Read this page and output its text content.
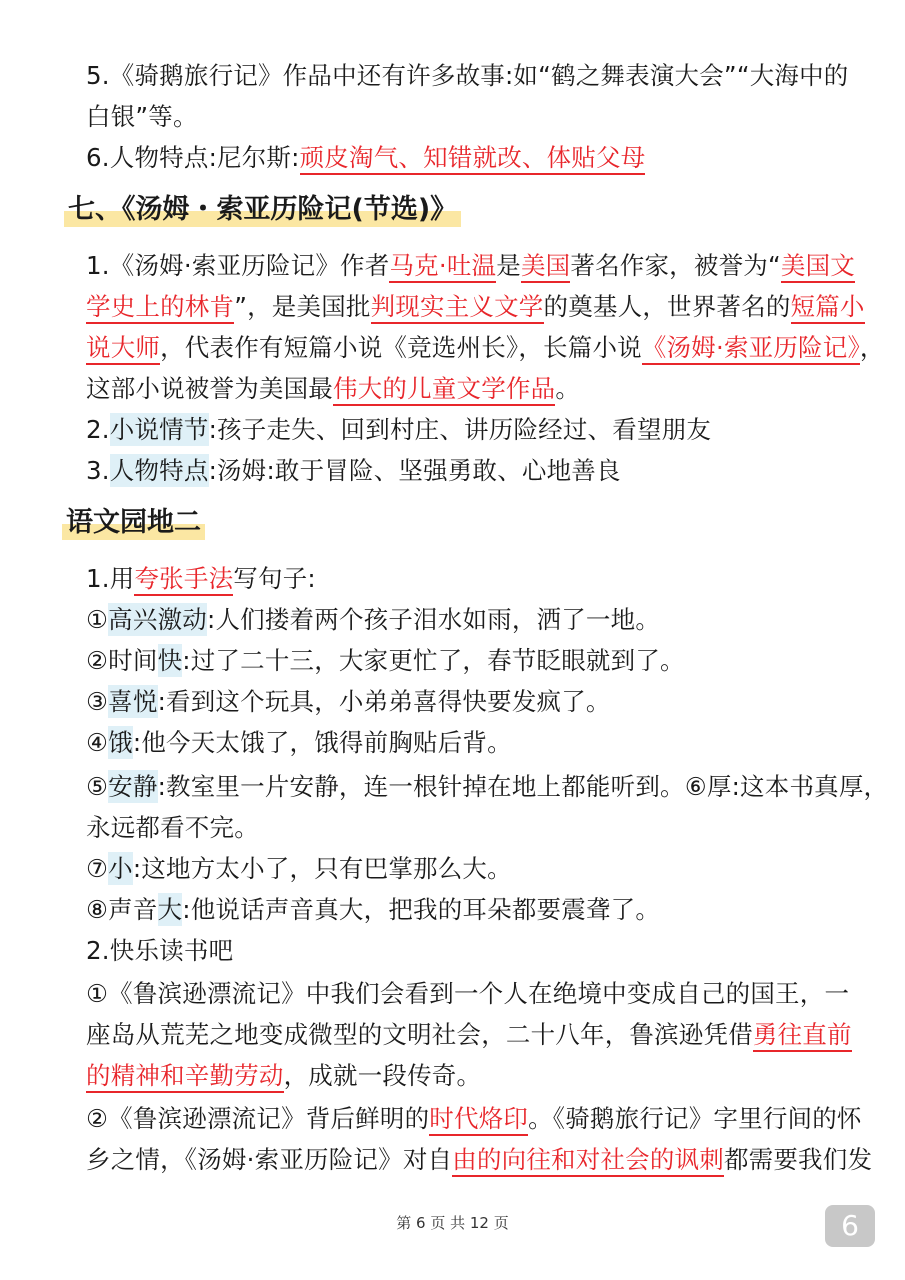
5.《骑鹅旅行记》作品中还有许多故事:如“鹤之舞表演大会”“大海中的
白银”等。
6.人物特点:尼尔斯:顽皮淘气、知错就改、体贴父母
七、《汤姆・索亚历险记(节选)》
1.《汤姆·索亚历险记》作者马克·吐温是美国著名作家，被誉为“美国文
学史上的林肯”，是美国批判现实主义文学的奠基人，世界著名的短篇小
说大师，代表作有短篇小说《竞选州长》，长篇小说《汤姆·索亚历险记》，
这部小说被誉为美国最伟大的儿童文学作品。
2.小说情节:孩子走失、回到村庄、讲历险经过、看望朋友
3.人物特点:汤姆:敢于冒险、坚强勇敢、心地善良
语文园地二
1.用夸张手法写句子:
①高兴激动:人们搂着两个孩子泪水如雨，洒了一地。
②时间快:过了二十三，大家更忙了，春节眨眼就到了。
③喜悦:看到这个玩具，小弟弟喜得快要发疯了。
④饿:他今天太饿了，饿得前胸贴后背。
⑤安静:教室里一片安静，连一根针掉在地上都能听到。⑥厚:这本书真厚，
永远都看不完。
⑦小:这地方太小了，只有巴掌那么大。
⑧声音大:他说话声音真大，把我的耳朵都要震聋了。
2.快乐读书吧
①《鲁滨逊漂流记》中我们会看到一个人在绝境中变成自己的国王，一
座岛从荒芜之地变成微型的文明社会，二十八年，鲁滨逊凭借勇往直前
的精神和辛勤劳动，成就一段传奇。
②《鲁滨逊漂流记》背后鲜明的时代烙印。《骑鹅旅行记》字里行间的怀
乡之情，《汤姆·索亚历险记》对自由的向往和对社会的讽刺都需要我们发
第 6 页 共 12 页	6
